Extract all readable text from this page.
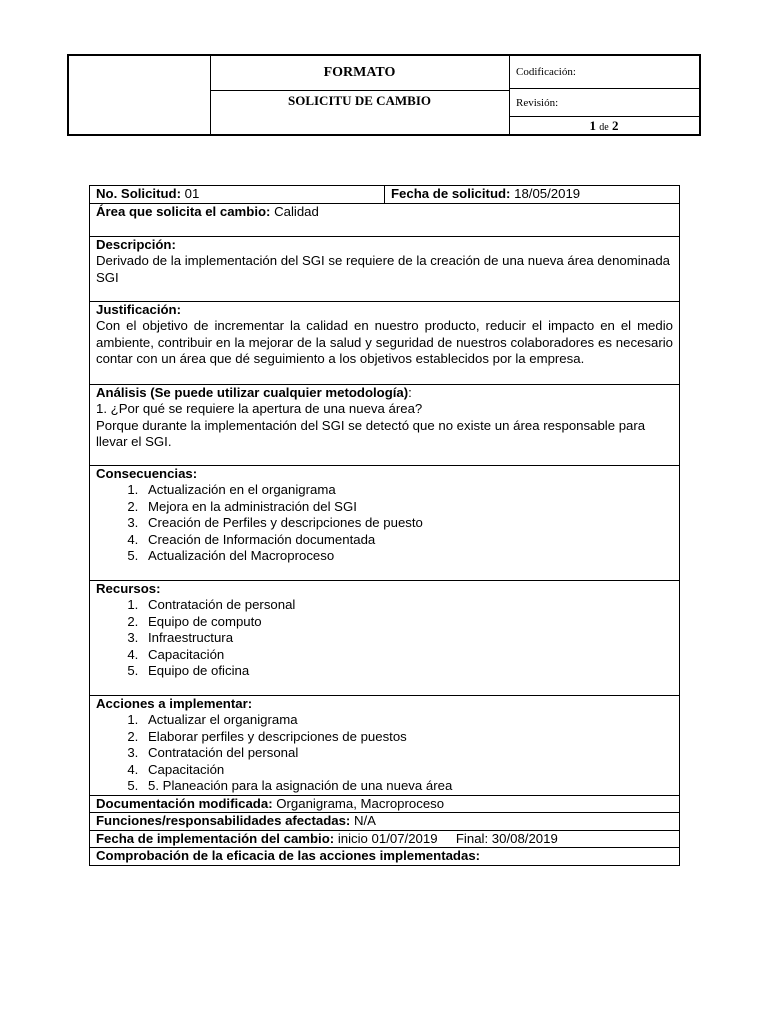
FORMATO
SOLICITU DE CAMBIO
Codificación:
Revisión:
1 de 2
No. Solicitud: 01	Fecha de solicitud: 18/05/2019
Área que solicita el cambio: Calidad

Descripción:
Derivado de la implementación del SGI se requiere de la creación de una nueva área denominada SGI

Justificación:
Con el objetivo de incrementar la calidad en nuestro producto, reducir el impacto en el medio ambiente, contribuir en la mejorar de la salud y seguridad de nuestros colaboradores es necesario contar con un área que dé seguimiento a los objetivos establecidos por la empresa.

Análisis (Se puede utilizar cualquier metodología):
1. ¿Por qué se requiere la apertura de una nueva área?
Porque durante la implementación del SGI se detectó que no existe un área responsable para llevar el SGI.

Consecuencias:
1. Actualización en el organigrama
2. Mejora en la administración del SGI
3. Creación de Perfiles y descripciones de puesto
4. Creación de Información documentada
5. Actualización del Macroproceso

Recursos:
1. Contratación de personal
2. Equipo de computo
3. Infraestructura
4. Capacitación
5. Equipo de oficina

Acciones a implementar:
1. Actualizar el organigrama
2. Elaborar perfiles y descripciones de puestos
3. Contratación del personal
4. Capacitación
5. 5. Planeación para la asignación de una nueva área

Documentación modificada: Organigrama, Macroproceso
Funciones/responsabilidades afectadas: N/A
Fecha de implementación del cambio: inicio 01/07/2019     Final: 30/08/2019
Comprobación de la eficacia de las acciones implementadas:
